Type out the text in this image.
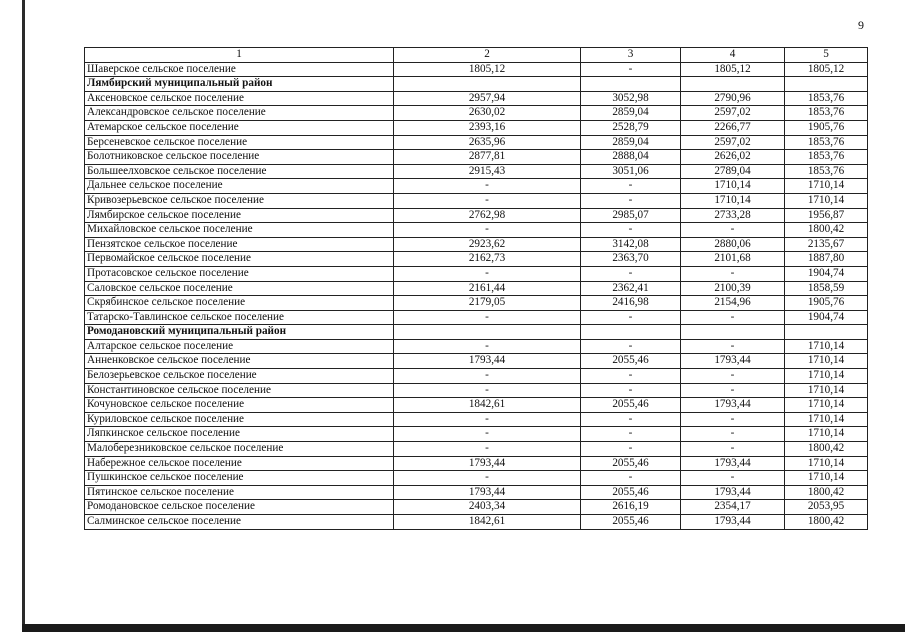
9
1	2	3	4	5
Шаверское сельское поселение	1805,12	-	1805,12	1805,12
Лямбирский муниципальный район				
Аксеновское сельское поселение	2957,94	3052,98	2790,96	1853,76
Александровское сельское поселение	2630,02	2859,04	2597,02	1853,76
Атемарское сельское поселение	2393,16	2528,79	2266,77	1905,76
Берсеневское сельское поселение	2635,96	2859,04	2597,02	1853,76
Болотниковское сельское поселение	2877,81	2888,04	2626,02	1853,76
Большеелховское сельское поселение	2915,43	3051,06	2789,04	1853,76
Дальнее сельское поселение	-	-	1710,14	1710,14
Кривозерьевское сельское поселение	-	-	1710,14	1710,14
Лямбирское сельское поселение	2762,98	2985,07	2733,28	1956,87
Михайловское сельское поселение	-	-	-	1800,42
Пензятское сельское поселение	2923,62	3142,08	2880,06	2135,67
Первомайское сельское поселение	2162,73	2363,70	2101,68	1887,80
Протасовское сельское поселение	-	-	-	1904,74
Саловское сельское поселение	2161,44	2362,41	2100,39	1858,59
Скрябинское сельское поселение	2179,05	2416,98	2154,96	1905,76
Татарско-Тавлинское сельское поселение	-	-	-	1904,74
Ромодановский муниципальный район				
Алтарское сельское поселение	-	-	-	1710,14
Анненковское сельское поселение	1793,44	2055,46	1793,44	1710,14
Белозерьевское сельское поселение	-	-	-	1710,14
Константиновское сельское поселение	-	-	-	1710,14
Кочуновское сельское поселение	1842,61	2055,46	1793,44	1710,14
Куриловское сельское поселение	-	-	-	1710,14
Ляпкинское сельское поселение	-	-	-	1710,14
Малоберезниковское сельское поселение	-	-	-	1800,42
Набережное сельское поселение	1793,44	2055,46	1793,44	1710,14
Пушкинское сельское поселение	-	-	-	1710,14
Пятинское сельское поселение	1793,44	2055,46	1793,44	1800,42
Ромодановское сельское поселение	2403,34	2616,19	2354,17	2053,95
Салминское сельское поселение	1842,61	2055,46	1793,44	1800,42
